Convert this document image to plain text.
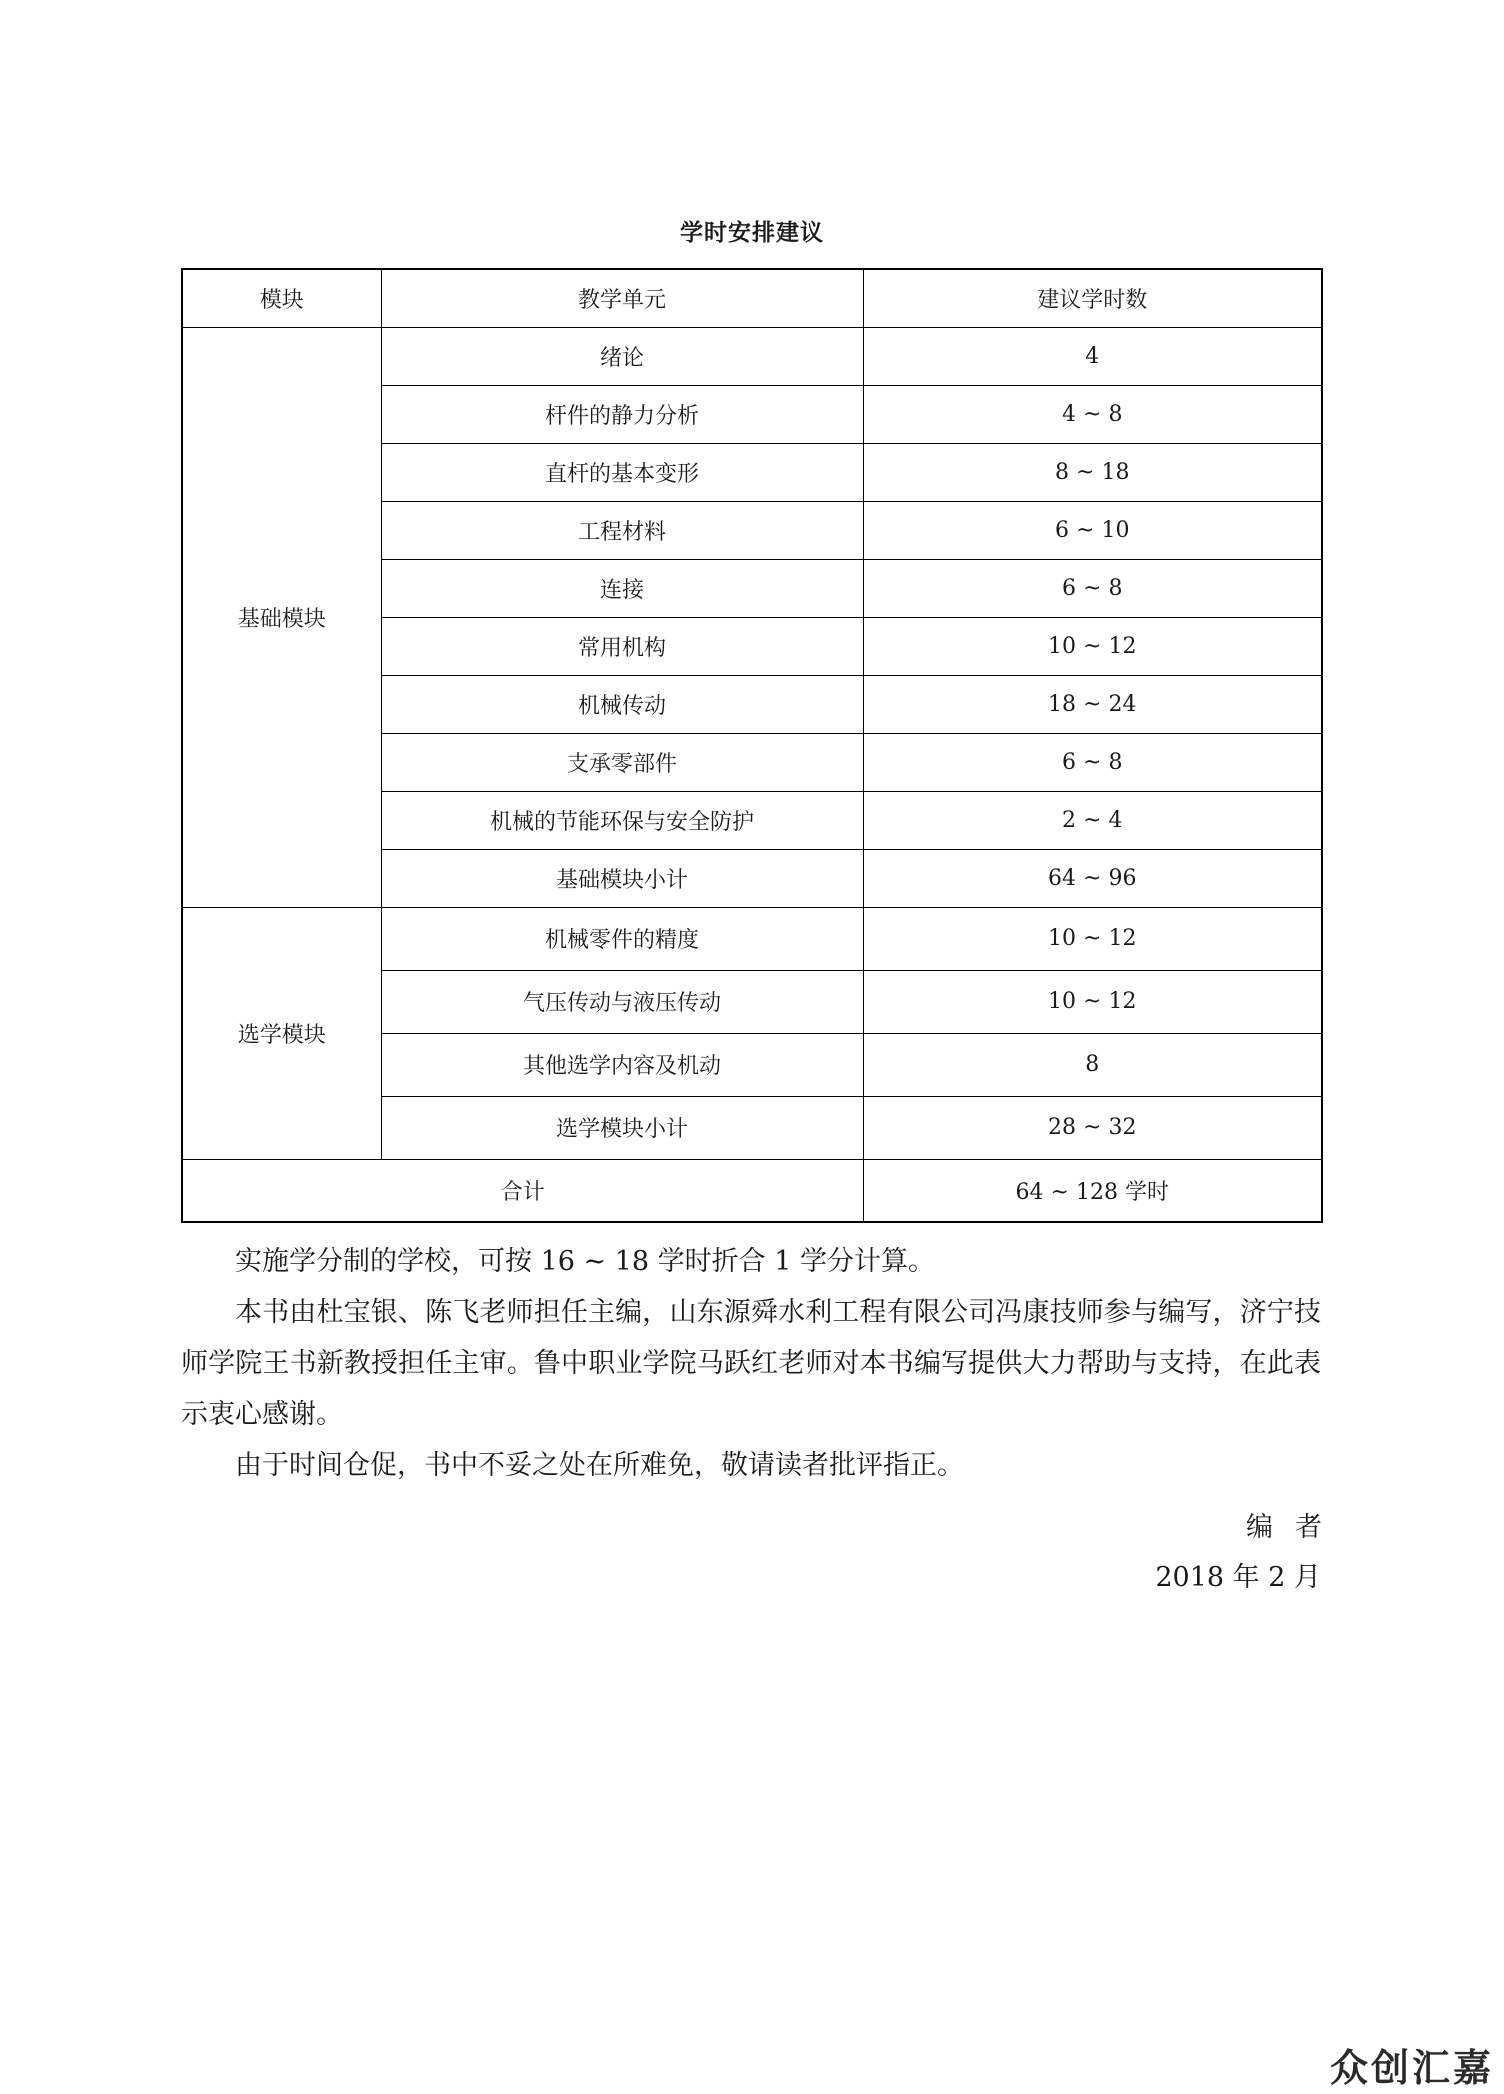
学时安排建议
模块	教学单元	建议学时数
基础模块	绪论	4
	杆件的静力分析	4 ~ 8
	直杆的基本变形	8 ~ 18
	工程材料	6 ~ 10
	连接	6 ~ 8
	常用机构	10 ~ 12
	机械传动	18 ~ 24
	支承零部件	6 ~ 8
	机械的节能环保与安全防护	2 ~ 4
	基础模块小计	64 ~ 96
选学模块	机械零件的精度	10 ~ 12
	气压传动与液压传动	10 ~ 12
	其他选学内容及机动	8
	选学模块小计	28 ~ 32
合计		64 ~ 128 学时

实施学分制的学校，可按 16 ~ 18 学时折合 1 学分计算。

本书由杜宝银、陈飞老师担任主编，山东源舜水利工程有限公司冯康技师参与编写，济宁技师学院王书新教授担任主审。鲁中职业学院马跃红老师对本书编写提供大力帮助与支持，在此表示衷心感谢。

由于时间仓促，书中不妥之处在所难免，敬请读者批评指正。

编者
2018 年 2 月
众创汇嘉
